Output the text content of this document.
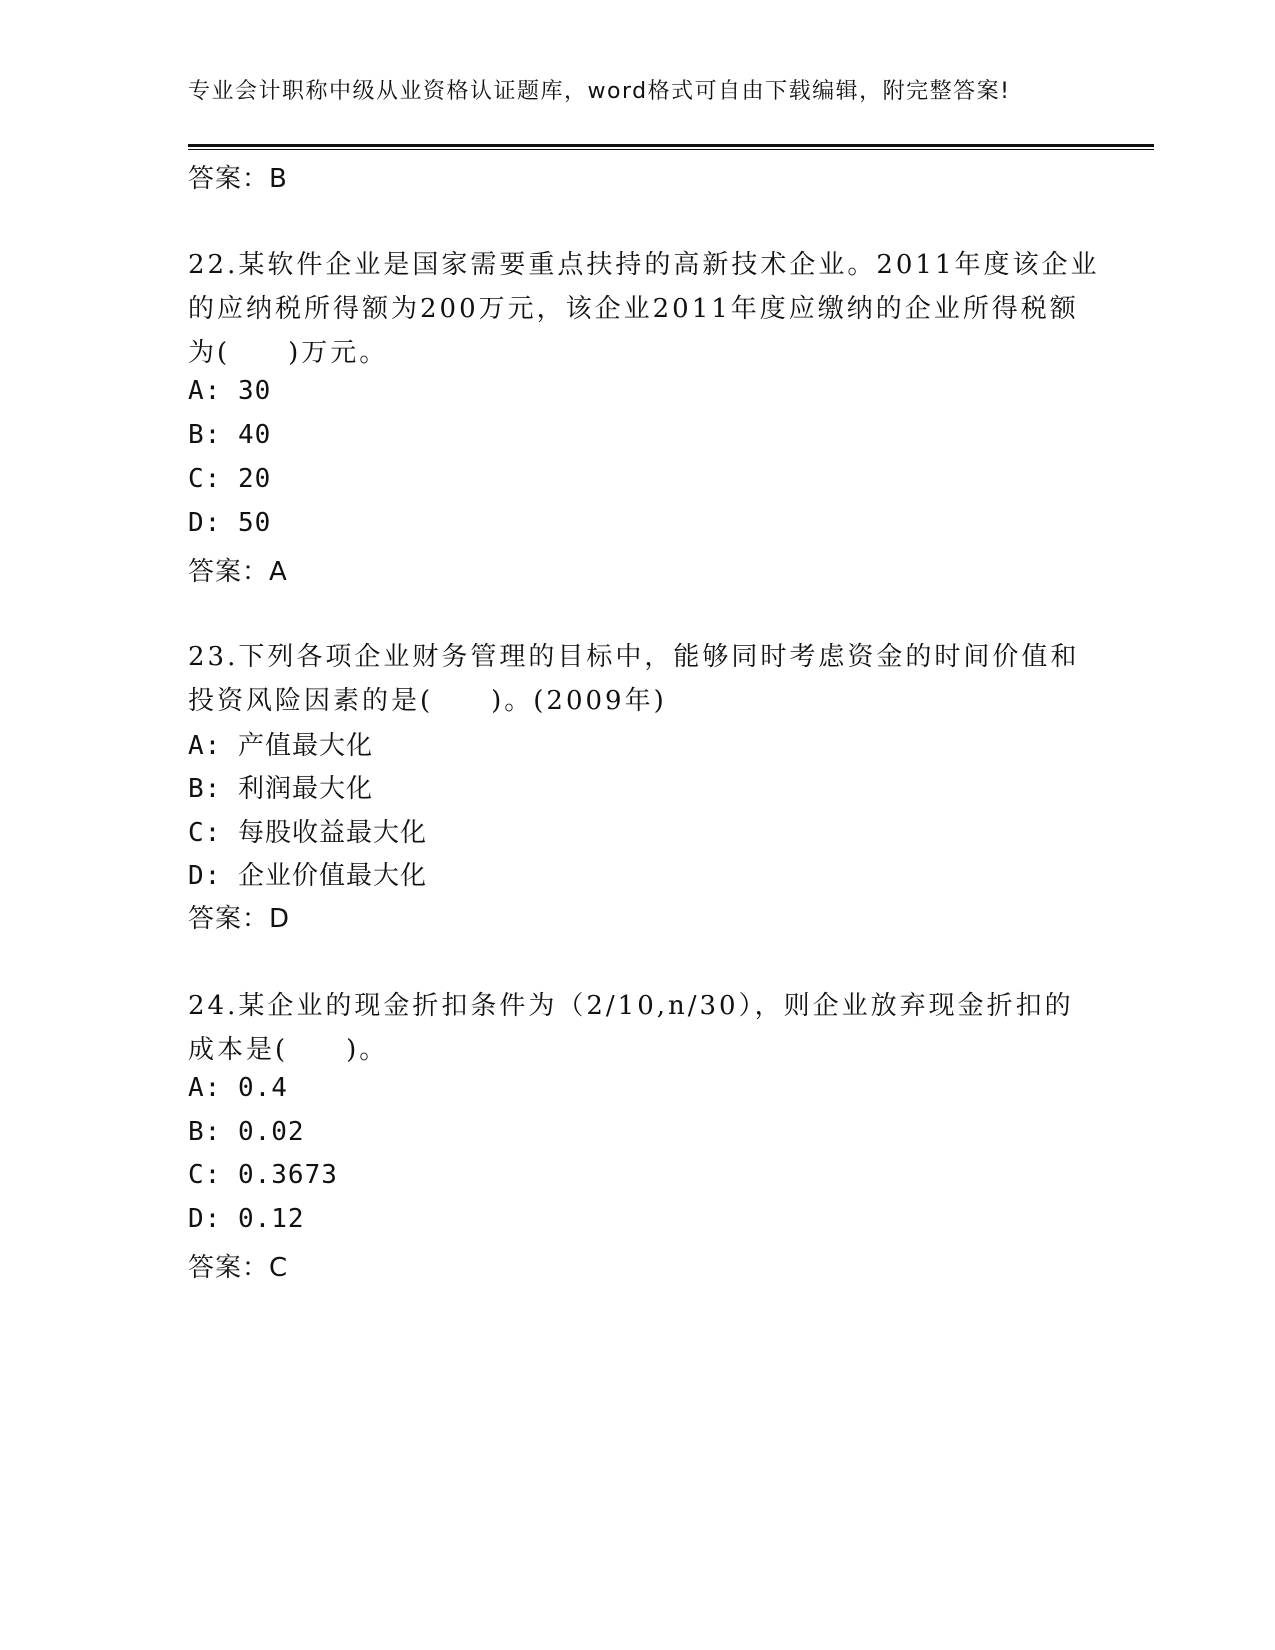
专业会计职称中级从业资格认证题库，word格式可自由下载编辑，附完整答案!
答案：B
22.某软件企业是国家需要重点扶持的高新技术企业。2011年度该企业
的应纳税所得额为200万元，该企业2011年度应缴纳的企业所得税额
为(　　)万元。
A: 30
B: 40
C: 20
D: 50
答案：A
23.下列各项企业财务管理的目标中，能够同时考虑资金的时间价值和
投资风险因素的是(　　)。(2009年)
A: 产值最大化
B: 利润最大化
C: 每股收益最大化
D: 企业价值最大化
答案：D
24.某企业的现金折扣条件为（2/10,n/30），则企业放弃现金折扣的
成本是(　　)。
A: 0.4
B: 0.02
C: 0.3673
D: 0.12
答案：C
